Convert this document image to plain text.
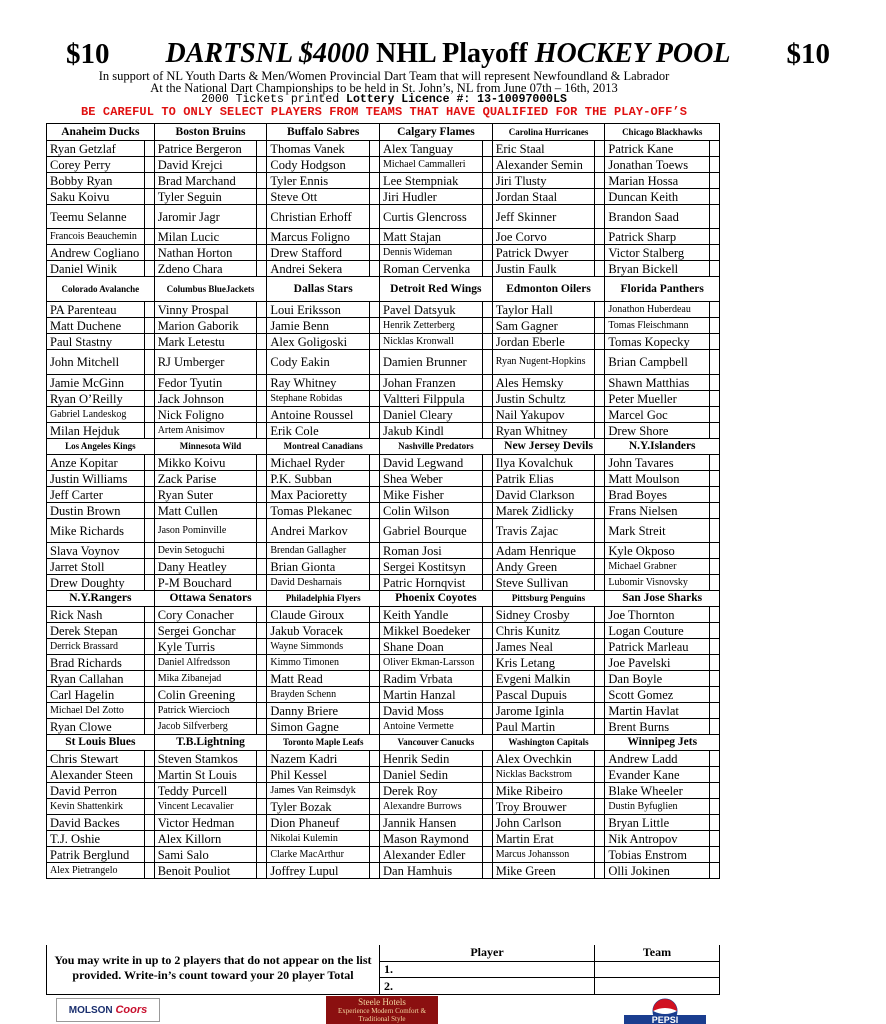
$10	DARTSNL $4000 NHL Playoff HOCKEY POOL	$10
In support of NL Youth Darts & Men/Women Provincial Dart Team that will represent Newfoundland & Labrador
At the National Dart Championships to be held in St. John’s, NL from June 07th – 16th, 2013
2000 Tickets printed Lottery Licence #: 13-10097000LS
BE CAREFUL TO ONLY SELECT PLAYERS FROM TEAMS THAT HAVE QUALIFIED FOR THE PLAY-OFF’S
Anaheim Ducks	Boston Bruins	Buffalo Sabres	Calgary Flames	Carolina Hurricanes	Chicago Blackhawks
Ryan Getzlaf	Patrice Bergeron	Thomas Vanek	Alex Tanguay	Eric Staal	Patrick Kane
Corey Perry	David Krejci	Cody Hodgson	Michael Cammalleri	Alexander Semin	Jonathan Toews
Bobby Ryan	Brad Marchand	Tyler Ennis	Lee Stempniak	Jiri Tlusty	Marian Hossa
Saku Koivu	Tyler Seguin	Steve Ott	Jiri Hudler	Jordan Staal	Duncan Keith
Teemu Selanne	Jaromir Jagr	Christian Erhoff	Curtis Glencross	Jeff Skinner	Brandon Saad
Francois Beauchemin	Milan Lucic	Marcus Foligno	Matt Stajan	Joe Corvo	Patrick Sharp
Andrew Cogliano	Nathan Horton	Drew Stafford	Dennis Wideman	Patrick Dwyer	Victor Stalberg
Daniel Winik	Zdeno Chara	Andrei Sekera	Roman Cervenka	Justin Faulk	Bryan Bickell
Colorado Avalanche	Columbus BlueJackets	Dallas Stars	Detroit Red Wings	Edmonton Oilers	Florida Panthers
PA Parenteau	Vinny Prospal	Loui Eriksson	Pavel Datsyuk	Taylor Hall	Jonathon Huberdeau
Matt Duchene	Marion Gaborik	Jamie Benn	Henrik Zetterberg	Sam Gagner	Tomas Fleischmann
Paul Stastny	Mark Letestu	Alex Goligoski	Nicklas Kronwall	Jordan Eberle	Tomas Kopecky
John Mitchell	RJ Umberger	Cody Eakin	Damien Brunner	Ryan Nugent-Hopkins	Brian Campbell
Jamie McGinn	Fedor Tyutin	Ray Whitney	Johan Franzen	Ales Hemsky	Shawn Matthias
Ryan O’Reilly	Jack Johnson	Stephane Robidas	Valtteri Filppula	Justin Schultz	Peter Mueller
Gabriel Landeskog	Nick Foligno	Antoine Roussel	Daniel Cleary	Nail Yakupov	Marcel Goc
Milan Hejduk	Artem Anisimov	Erik Cole	Jakub Kindl	Ryan Whitney	Drew Shore
Los Angeles Kings	Minnesota Wild	Montreal Canadians	Nashville Predators	New Jersey Devils	N.Y.Islanders
Anze Kopitar	Mikko Koivu	Michael Ryder	David Legwand	Ilya Kovalchuk	John Tavares
Justin Williams	Zack Parise	P.K. Subban	Shea Weber	Patrik Elias	Matt Moulson
Jeff Carter	Ryan Suter	Max Pacioretty	Mike Fisher	David Clarkson	Brad Boyes
Dustin Brown	Matt Cullen	Tomas Plekanec	Colin Wilson	Marek Zidlicky	Frans Nielsen
Mike Richards	Jason Pominville	Andrei Markov	Gabriel Bourque	Travis Zajac	Mark Streit
Slava Voynov	Devin Setoguchi	Brendan Gallagher	Roman Josi	Adam Henrique	Kyle Okposo
Jarret Stoll	Dany Heatley	Brian Gionta	Sergei Kostitsyn	Andy Green	Michael Grabner
Drew Doughty	P-M Bouchard	David Desharnais	Patric Hornqvist	Steve Sullivan	Lubomir Visnovsky
N.Y.Rangers	Ottawa Senators	Philadelphia Flyers	Phoenix Coyotes	Pittsburg Penguins	San Jose Sharks
Rick Nash	Cory Conacher	Claude Giroux	Keith Yandle	Sidney Crosby	Joe Thornton
Derek Stepan	Sergei Gonchar	Jakub Voracek	Mikkel Boedeker	Chris Kunitz	Logan Couture
Derrick Brassard	Kyle Turris	Wayne Simmonds	Shane Doan	James Neal	Patrick Marleau
Brad Richards	Daniel Alfredsson	Kimmo Timonen	Oliver Ekman-Larsson	Kris Letang	Joe Pavelski
Ryan Callahan	Mika Zibanejad	Matt Read	Radim Vrbata	Evgeni Malkin	Dan Boyle
Carl Hagelin	Colin Greening	Brayden Schenn	Martin Hanzal	Pascal Dupuis	Scott Gomez
Michael Del Zotto	Patrick Wiercioch	Danny Briere	David Moss	Jarome Iginla	Martin Havlat
Ryan Clowe	Jacob Silfverberg	Simon Gagne	Antoine Vermette	Paul Martin	Brent Burns
St Louis Blues	T.B.Lightning	Toronto Maple Leafs	Vancouver Canucks	Washington Capitals	Winnipeg Jets
Chris Stewart	Steven Stamkos	Nazem Kadri	Henrik Sedin	Alex Ovechkin	Andrew Ladd
Alexander Steen	Martin St Louis	Phil Kessel	Daniel Sedin	Nicklas Backstrom	Evander Kane
David Perron	Teddy Purcell	James Van Reimsdyk	Derek Roy	Mike Ribeiro	Blake Wheeler
Kevin Shattenkirk	Vincent Lecavalier	Tyler Bozak	Alexandre Burrows	Troy Brouwer	Dustin Byfuglien
David Backes	Victor Hedman	Dion Phaneuf	Jannik Hansen	John Carlson	Bryan Little
T.J. Oshie	Alex Killorn	Nikolai Kulemin	Mason Raymond	Martin Erat	Nik Antropov
Patrik Berglund	Sami Salo	Clarke MacArthur	Alexander Edler	Marcus Johansson	Tobias Enstrom
Alex Pietrangelo	Benoit Pouliot	Joffrey Lupul	Dan Hamhuis	Mike Green	Olli Jokinen
You may write in up to 2 players that do not appear on the list provided. Write-in’s count toward your 20 player Total
Player	Team
1.
2.
MOLSON
Coors
Steele Hotels
Experience Modern Comfort & Traditional Style	PEPSI
